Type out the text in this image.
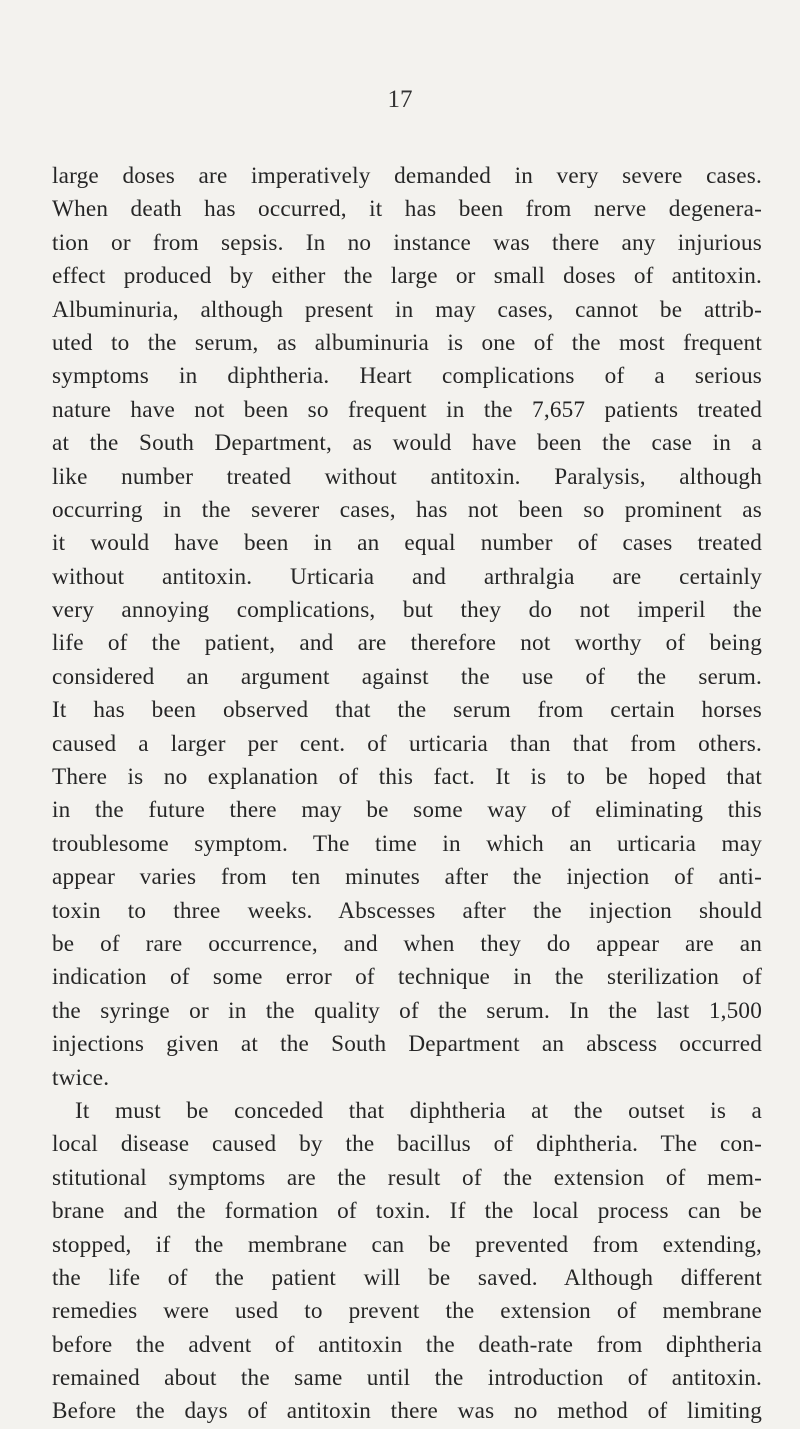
17
large doses are imperatively demanded in very severe cases.
When death has occurred, it has been from nerve degenera-
tion or from sepsis. In no instance was there any injurious
effect produced by either the large or small doses of antitoxin.
Albuminuria, although present in may cases, cannot be attrib-
uted to the serum, as albuminuria is one of the most frequent
symptoms in diphtheria. Heart complications of a serious
nature have not been so frequent in the 7,657 patients treated
at the South Department, as would have been the case in a
like number treated without antitoxin. Paralysis, although
occurring in the severer cases, has not been so prominent as
it would have been in an equal number of cases treated
without antitoxin. Urticaria and arthralgia are certainly
very annoying complications, but they do not imperil the
life of the patient, and are therefore not worthy of being
considered an argument against the use of the serum.
It has been observed that the serum from certain horses
caused a larger per cent. of urticaria than that from others.
There is no explanation of this fact. It is to be hoped that
in the future there may be some way of eliminating this
troublesome symptom. The time in which an urticaria may
appear varies from ten minutes after the injection of anti-
toxin to three weeks. Abscesses after the injection should
be of rare occurrence, and when they do appear are an
indication of some error of technique in the sterilization of
the syringe or in the quality of the serum. In the last 1,500
injections given at the South Department an abscess occurred
twice.
It must be conceded that diphtheria at the outset is a
local disease caused by the bacillus of diphtheria. The con-
stitutional symptoms are the result of the extension of mem-
brane and the formation of toxin. If the local process can be
stopped, if the membrane can be prevented from extending,
the life of the patient will be saved. Although different
remedies were used to prevent the extension of membrane
before the advent of antitoxin the death-rate from diphtheria
remained about the same until the introduction of antitoxin.
Before the days of antitoxin there was no method of limiting
